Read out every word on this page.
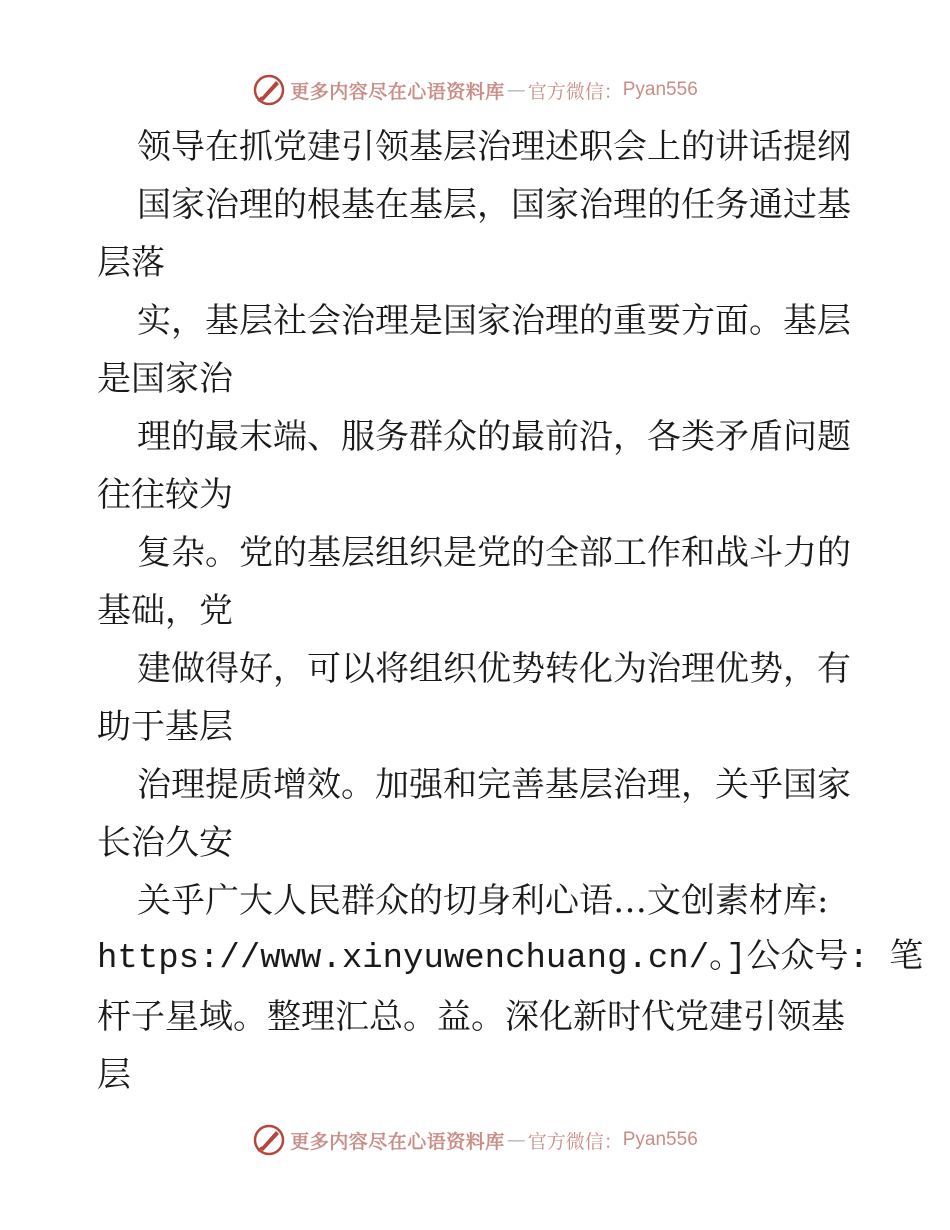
更多内容尽在心语资料库 — 官方微信： Pyan556
领导在抓党建引领基层治理述职会上的讲话提纲
国家治理的根基在基层，国家治理的任务通过基
层落
实，基层社会治理是国家治理的重要方面。基层
是国家治
理的最末端、服务群众的最前沿，各类矛盾问题
往往较为
复杂。党的基层组织是党的全部工作和战斗力的
基础，党
建做得好，可以将组织优势转化为治理优势，有
助于基层
治理提质增效。加强和完善基层治理，关乎国家
长治久安
关乎广大人民群众的切身利心语…文创素材库:
https://www.xinyuwenchuang.cn/。]公众号: 笔
杆子星域。整理汇总。益。深化新时代党建引领基
层
更多内容尽在心语资料库 — 官方微信： Pyan556
